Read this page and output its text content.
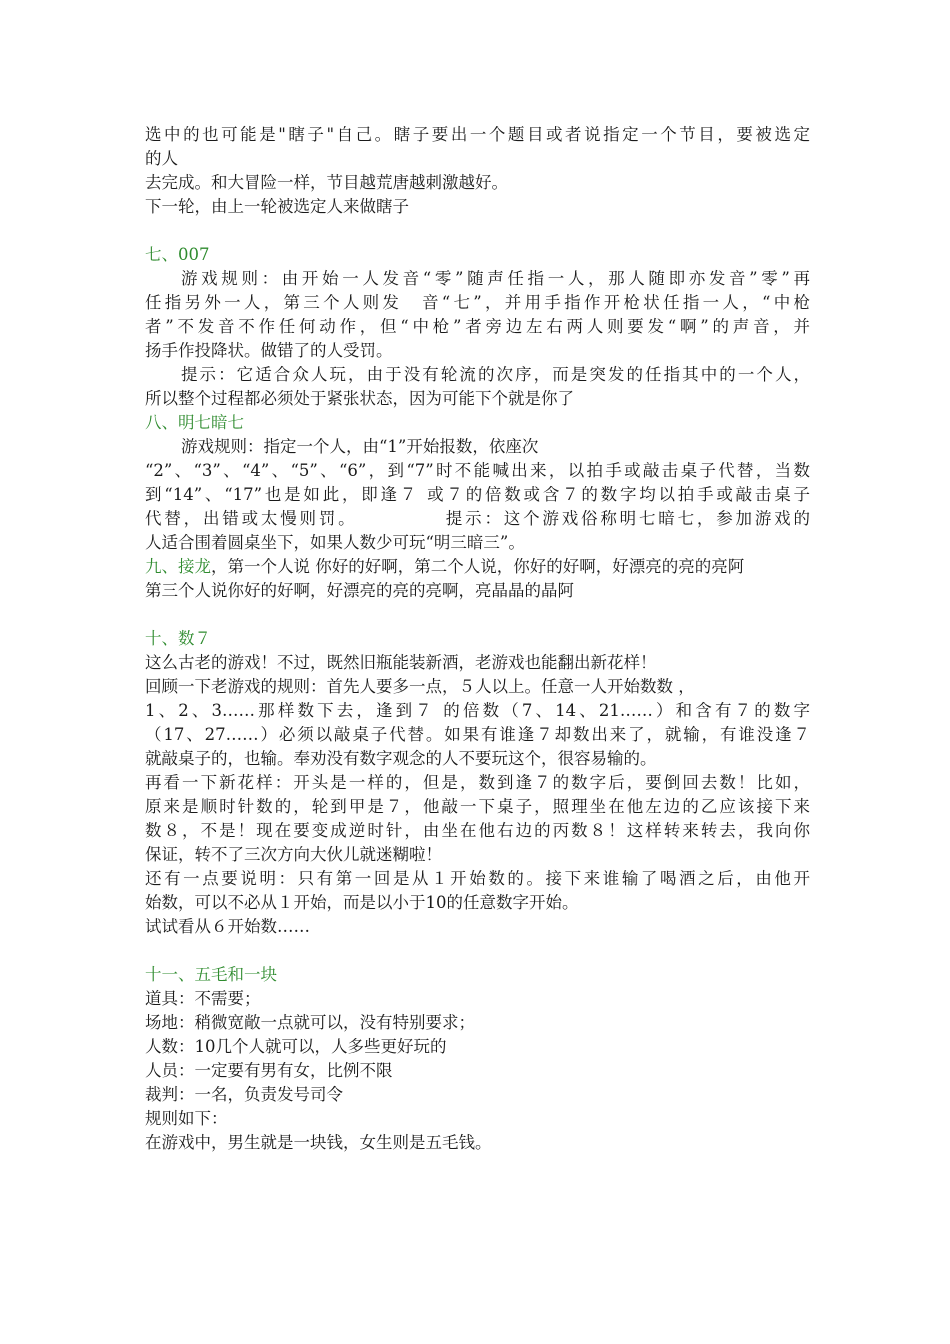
选中的也可能是"瞎子"自己。瞎子要出一个题目或者说指定一个节目，要被选定
的人
去完成。和大冒险一样，节目越荒唐越刺激越好。
下一轮，由上一轮被选定人来做瞎子
七、007
游戏规则：由开始一人发音“零”随声任指一人，那人随即亦发音”零”再
任指另外一人，第三个人则发　音“七”，并用手指作开枪状任指一人，“中枪
者”不发音不作任何动作，但“中枪”者旁边左右两人则要发“啊”的声音，并
扬手作投降状。做错了的人受罚。
提示：它适合众人玩，由于没有轮流的次序，而是突发的任指其中的一个人，
所以整个过程都必须处于紧张状态，因为可能下个就是你了
八、明七暗七
游戏规则：指定一个人，由“1”开始报数，依座次
“2”、“3”、“4”、“5”、“6”，到“7”时不能喊出来，以拍手或敲击桌子代替，当数
到“14”、“17”也是如此，即逢７ 或７的倍数或含７的数字均以拍手或敲击桌子
代替，出错或太慢则罚。　　　　　提示：这个游戏俗称明七暗七，参加游戏的
人适合围着圆桌坐下，如果人数少可玩“明三暗三”。
九、接龙，第一个人说 你好的好啊，第二个人说，你好的好啊，好漂亮的亮的亮阿
第三个人说你好的好啊，好漂亮的亮的亮啊，亮晶晶的晶阿
十、数７
这么古老的游戏！不过，既然旧瓶能装新酒，老游戏也能翻出新花样！
回顾一下老游戏的规则：首先人要多一点，５人以上。任意一人开始数数 ，
1、2、3……那样数下去，逢到７ 的倍数（7、14、21……）和含有７的数字
（17、27……）必须以敲桌子代替。如果有谁逢７却数出来了，就输，有谁没逢７
就敲桌子的，也输。奉劝没有数字观念的人不要玩这个，很容易输的。
再看一下新花样：开头是一样的，但是，数到逢７的数字后，要倒回去数！比如，
原来是顺时针数的，轮到甲是７，他敲一下桌子，照理坐在他左边的乙应该接下来
数８，不是！现在要变成逆时针，由坐在他右边的丙数８！这样转来转去，我向你
保证，转不了三次方向大伙儿就迷糊啦！
还有一点要说明：只有第一回是从１开始数的。接下来谁输了喝酒之后，由他开
始数，可以不必从１开始，而是以小于10的任意数字开始。
试试看从６开始数……
十一、五毛和一块
道具：不需要；
场地：稍微宽敞一点就可以，没有特别要求；
人数：10几个人就可以，人多些更好玩的
人员：一定要有男有女，比例不限
裁判：一名，负责发号司令
规则如下：
在游戏中，男生就是一块钱，女生则是五毛钱。
